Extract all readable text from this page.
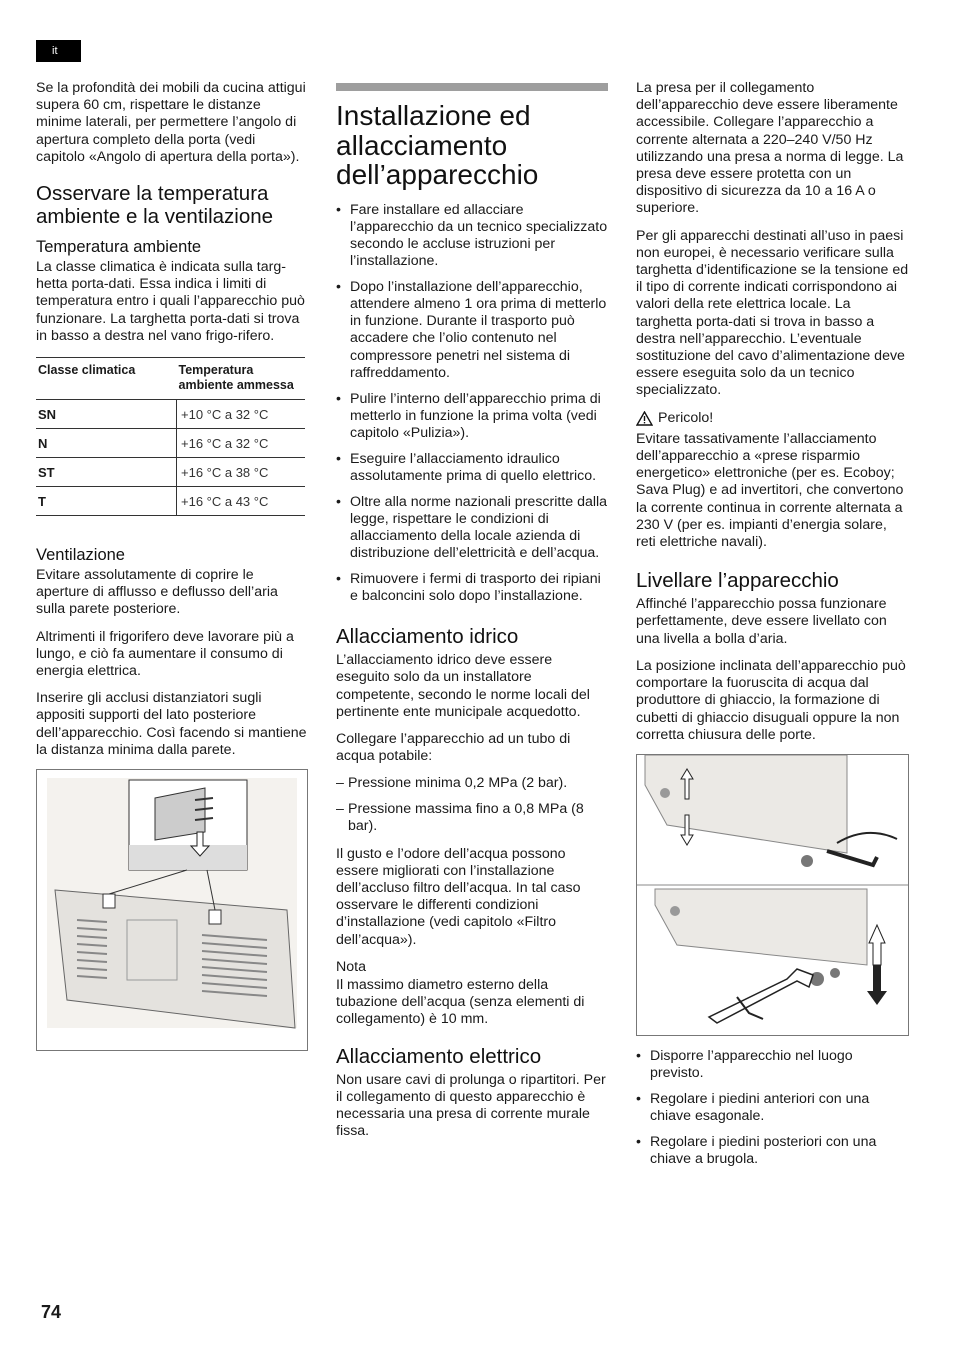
it

Se la profondità dei mobili da cucina attigui supera 60 cm, rispettare le distanze minime laterali, per permettere l’angolo di apertura completo della porta (vedi capitolo «Angolo di apertura della porta»).

Osservare la temperatura ambiente e la ventilazione
Temperatura ambiente

La classe climatica è indicata sulla targ-hetta porta-dati. Essa indica i limiti di temperatura entro i quali l’apparecchio può funzionare. La targhetta porta-dati si trova in basso a destra nel vano frigo-rifero.

Classe climatica	Temperatura ambiente ammessa
SN	+10 °C a 32 °C
N	+16 °C a 32 °C
ST	+16 °C a 38 °C
T	+16 °C a 43 °C
Ventilazione

Evitare assolutamente di coprire le aperture di afflusso e deflusso dell’aria sulla parete posteriore.

Altrimenti il frigorifero deve lavorare più a lungo, e ciò fa aumentare il consumo di energia elettrica.

Inserire gli acclusi distanziatori sugli appositi supporti del lato posteriore dell’apparecchio. Così facendo si mantiene la distanza minima dalla parete.

Installazione ed allacciamento dell’apparecchio
• Fare installare ed allacciare l’apparecchio da un tecnico specializzato secondo le accluse istruzioni per l’installazione.
• Dopo l’installazione dell’apparecchio, attendere almeno 1 ora prima di metterlo in funzione. Durante il trasporto può accadere che l’olio contenuto nel compressore penetri nel sistema di raffreddamento.
• Pulire l’interno dell’apparecchio prima di metterlo in funzione la prima volta (vedi capitolo «Pulizia»).
• Eseguire l’allacciamento idraulico assolutamente prima di quello elettrico.
• Oltre alla norme nazionali prescritte dalla legge, rispettare le condizioni di allacciamento della locale azienda di distribuzione dell’elettricità e dell’acqua.
• Rimuovere i fermi di trasporto dei ripiani e balconcini solo dopo l’installazione.
Allacciamento idrico

L’allacciamento idrico deve essere eseguito solo da un installatore competente, secondo le norme locali del pertinente ente municipale acquedotto.

Collegare l’apparecchio ad un tubo di acqua potabile:

– Pressione minima 0,2 MPa (2 bar).
– Pressione massima fino a 0,8 MPa (8 bar).

Il gusto e l’odore dell’acqua possono essere migliorati con l’installazione dell’accluso filtro dell’acqua. In tal caso osservare le differenti condizioni d’installazione (vedi capitolo «Filtro dell’acqua»).

Nota

Il massimo diametro esterno della tubazione dell’acqua (senza elementi di collegamento) è 10 mm.

Allacciamento elettrico

Non usare cavi di prolunga o ripartitori. Per il collegamento di questo apparecchio è necessaria una presa di corrente murale fissa.

La presa per il collegamento dell’apparecchio deve essere liberamente accessibile. Collegare l’apparecchio a corrente alternata a 220–240 V/50 Hz utilizzando una presa a norma di legge. La presa deve essere protetta con un dispositivo di sicurezza da 10 a 16 A o superiore.

Per gli apparecchi destinati all’uso in paesi non europei, è necessario verificare sulla targhetta d’identificazione se la tensione ed il tipo di corrente indicati corrispondono ai valori della rete elettrica locale. La targhetta porta-dati si trova in basso a destra nell’apparecchio. L’eventuale sostituzione del cavo d’alimentazione deve essere eseguita solo da un tecnico specializzato.

Pericolo!

Evitare tassativamente l’allacciamento dell’apparecchio a «prese risparmio energetico» elettroniche (per es. Ecoboy; Sava Plug) e ad invertitori, che convertono la corrente continua in corrente alternata a 230 V (per es. impianti d’energia solare, reti elettriche navali).

Livellare l’apparecchio

Affinché l’apparecchio possa funzionare perfettamente, deve essere livellato con una livella a bolla d’aria.

La posizione inclinata dell’apparecchio può comportare la fuoruscita di acqua dal produttore di ghiaccio, la formazione di cubetti di ghiaccio disuguali oppure la non corretta chiusura delle porte.

• Disporre l’apparecchio nel luogo previsto.
• Regolare i piedini anteriori con una chiave esagonale.
• Regolare i piedini posteriori con una chiave a brugola.
74
